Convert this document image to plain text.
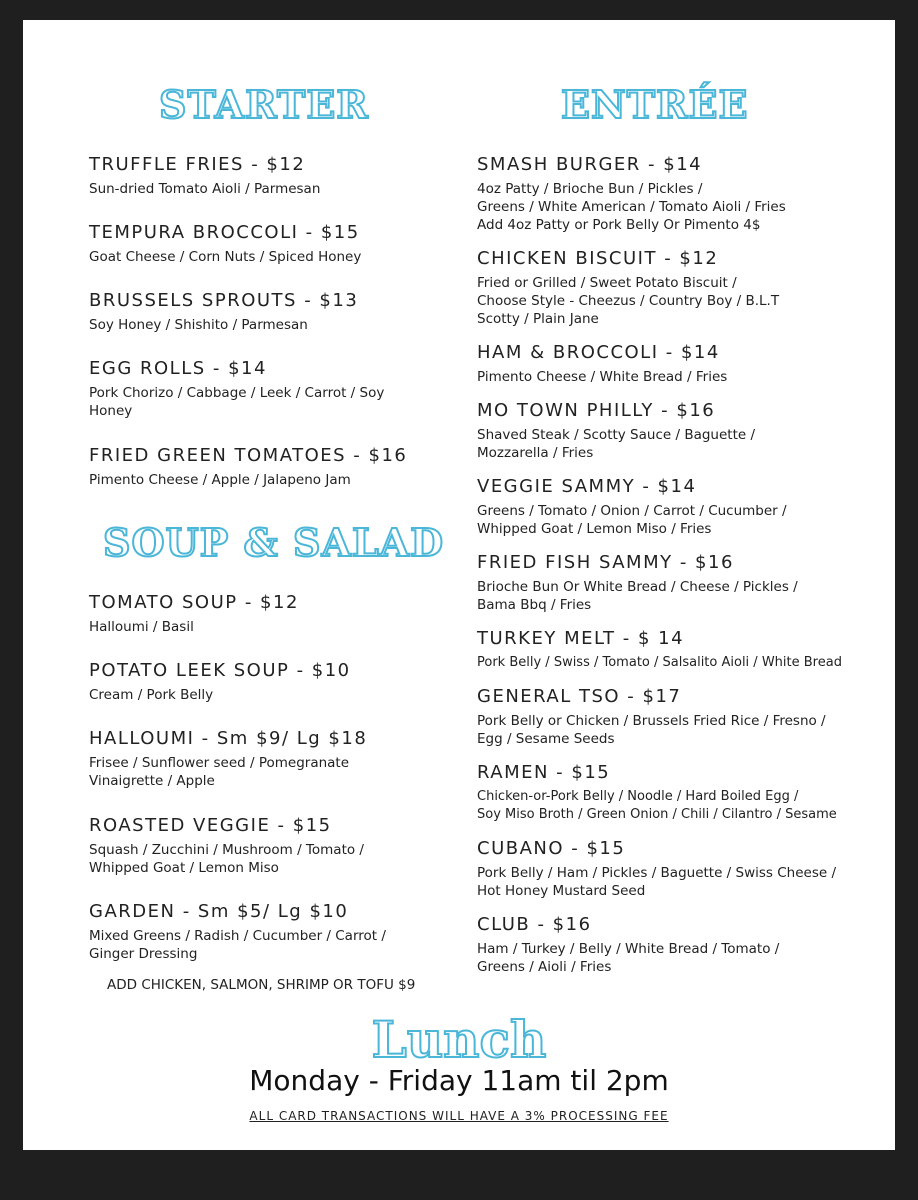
STARTER	ENTRÉE
SOUP & SALAD
TRUFFLE FRIES - $12
Sun-dried Tomato Aioli / Parmesan
TEMPURA BROCCOLI - $15
Goat Cheese / Corn Nuts / Spiced Honey
BRUSSELS SPROUTS - $13
Soy Honey / Shishito / Parmesan
EGG ROLLS - $14
Pork Chorizo / Cabbage / Leek / Carrot / Soy
Honey
FRIED GREEN TOMATOES - $16
Pimento Cheese / Apple / Jalapeno Jam
TOMATO SOUP - $12
Halloumi / Basil
POTATO LEEK SOUP - $10
Cream / Pork Belly
HALLOUMI - Sm $9/ Lg $18
Frisee / Sunflower seed / Pomegranate
Vinaigrette / Apple
ROASTED VEGGIE - $15
Squash / Zucchini / Mushroom / Tomato /
Whipped Goat / Lemon Miso
GARDEN - Sm $5/ Lg $10
Mixed Greens / Radish / Cucumber / Carrot /
Ginger Dressing
ADD CHICKEN, SALMON, SHRIMP OR TOFU $9
SMASH BURGER - $14
4oz Patty / Brioche Bun / Pickles /
Greens / White American / Tomato Aioli / Fries
Add 4oz Patty or Pork Belly Or Pimento 4$
CHICKEN BISCUIT - $12
Fried or Grilled / Sweet Potato Biscuit /
Choose Style - Cheezus / Country Boy / B.L.T
Scotty / Plain Jane
HAM & BROCCOLI - $14
Pimento Cheese / White Bread / Fries
MO TOWN PHILLY - $16
Shaved Steak / Scotty Sauce / Baguette /
Mozzarella / Fries
VEGGIE SAMMY - $14
Greens / Tomato / Onion / Carrot / Cucumber /
Whipped Goat / Lemon Miso / Fries
FRIED FISH SAMMY - $16
Brioche Bun Or White Bread / Cheese / Pickles /
Bama Bbq / Fries
TURKEY MELT - $ 14
Pork Belly / Swiss / Tomato / Salsalito Aioli / White Bread
GENERAL TSO - $17
Pork Belly or Chicken / Brussels Fried Rice / Fresno /
Egg / Sesame Seeds
RAMEN - $15
Chicken-or-Pork Belly / Noodle / Hard Boiled Egg /
Soy Miso Broth / Green Onion / Chili / Cilantro / Sesame
CUBANO - $15
Pork Belly / Ham / Pickles / Baguette / Swiss Cheese /
Hot Honey Mustard Seed
CLUB - $16
Ham / Turkey / Belly / White Bread / Tomato /
Greens / Aioli / Fries
Lunch
Monday - Friday 11am til 2pm
ALL CARD TRANSACTIONS WILL HAVE A 3% PROCESSING FEE
